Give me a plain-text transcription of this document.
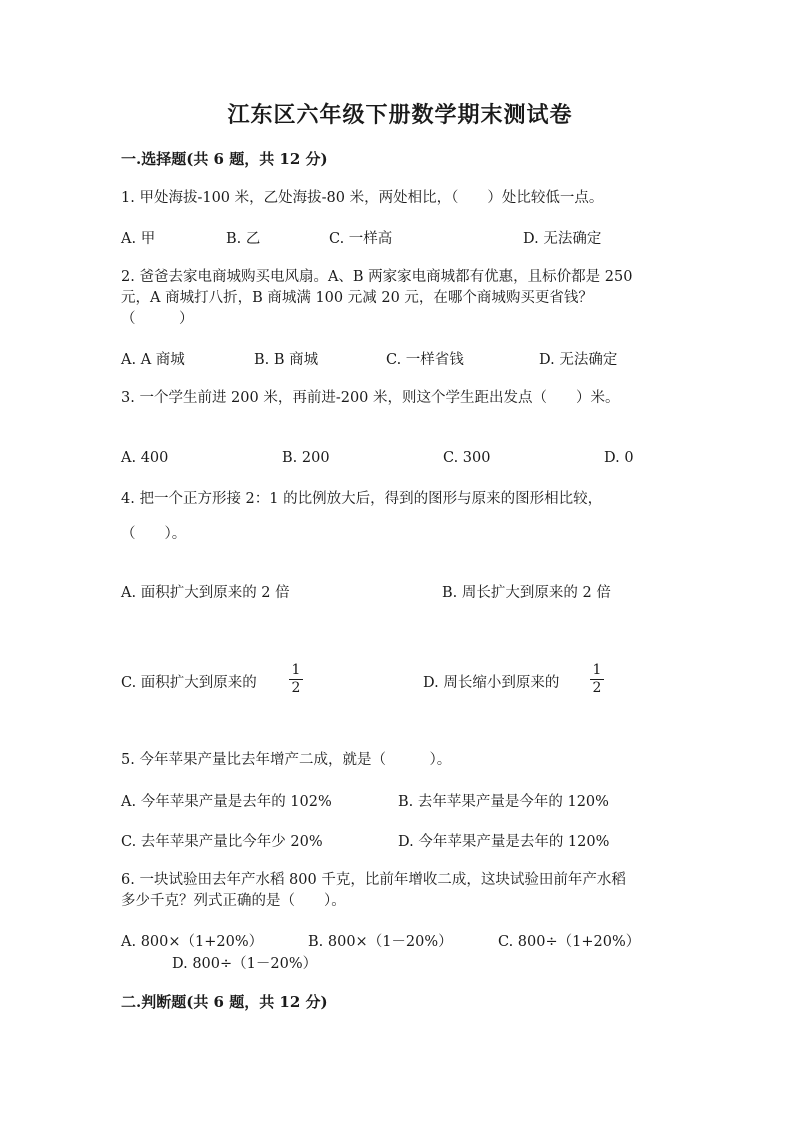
江东区六年级下册数学期末测试卷
一.选择题(共 6 题，共 12 分)
1. 甲处海拔-100 米，乙处海拔-80 米，两处相比，（　　）处比较低一点。
A. 甲	B. 乙	C. 一样高	D. 无法确定
2. 爸爸去家电商城购买电风扇。A、B 两家家电商城都有优惠，且标价都是 250
元，A 商城打八折，B 商城满 100 元减 20 元，在哪个商城购买更省钱？
（　　　）
A. A 商城	B. B 商城	C. 一样省钱	D. 无法确定
3. 一个学生前进 200 米，再前进-200 米，则这个学生距出发点（　　）米。
A. 400	B. 200	C. 300	D. 0
4. 把一个正方形接 2：1 的比例放大后，得到的图形与原来的图形相比较，
（　　）。
A. 面积扩大到原来的 2 倍	B. 周长扩大到原来的 2 倍
C. 面积扩大到原来的
1
2	D. 周长缩小到原来的
1
2
5. 今年苹果产量比去年增产二成，就是（　　　）。
A. 今年苹果产量是去年的 102%	B. 去年苹果产量是今年的 120%
C. 去年苹果产量比今年少 20%	D. 今年苹果产量是去年的 120%
6. 一块试验田去年产水稻 800 千克，比前年增收二成，这块试验田前年产水稻
多少千克？列式正确的是（　　）。
A. 800×（1+20%）	B. 800×（1－20%）	C. 800÷（1+20%）
D. 800÷（1－20%）
二.判断题(共 6 题，共 12 分)
